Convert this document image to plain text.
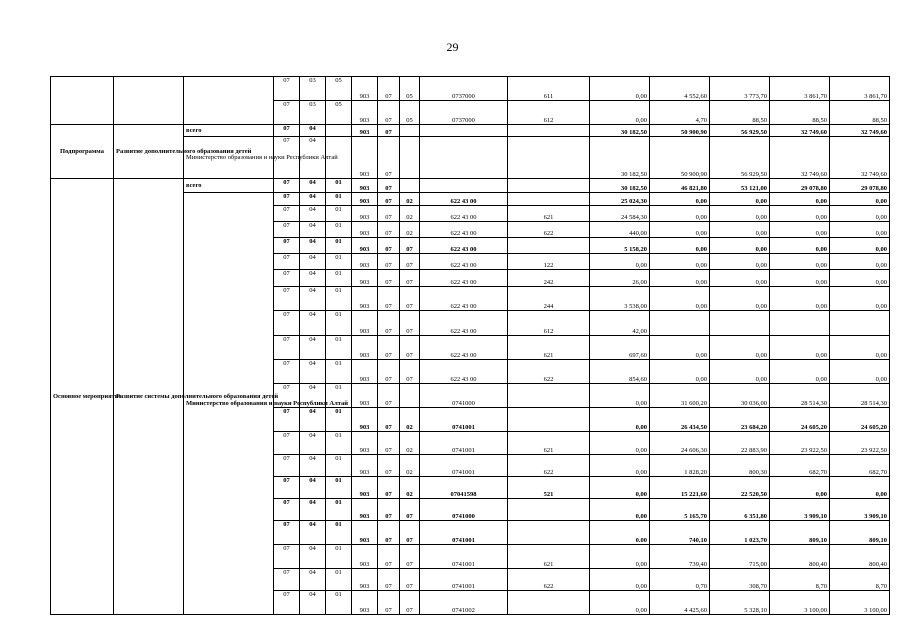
29
			07	03	05	903	07	05	0737000	611	0,00	4 552,60	3 773,70	3 861,70	3 861,70	
			07	03	05	903	07	05	0737000	612	0,00	4,70	88,50	88,50	88,50	
Подпрограмма	Развитие дополнительного образования детей	всего	07	04		903	07				30 182,50	50 900,90	56 929,50	32 749,60	32 749,60	
		Министерство образования и науки Республики Алтай	07	04		903	07				30 182,50	50 900,90	56 929,50	32 749,60	32 749,60	
Основное мероприятие	Развитие системы дополнительного образования детей	всего	07	04	01	903	07				30 182,50	46 821,80	53 121,00	29 078,80	29 078,80	
		Министерство образования и науки Республики Алтай	07	04	01	903	07	02	622 43 00		25 024,30	0,00	0,00	0,00	0,00	
			07	04	01	903	07	02	622 43 00	621	24 584,30	0,00	0,00	0,00	0,00	
			07	04	01	903	07	02	622 43 00	622	440,00	0,00	0,00	0,00	0,00	
			07	04	01	903	07	07	622 43 00		5 158,20	0,00	0,00	0,00	0,00	
			07	04	01	903	07	07	622 43 00	122	0,00	0,00	0,00	0,00	0,00	
			07	04	01	903	07	07	622 43 00	242	26,00	0,00	0,00	0,00	0,00	
			07	04	01	903	07	07	622 43 00	244	3 538,00	0,00	0,00	0,00	0,00	
			07	04	01	903	07	07	622 43 00	612	42,00					
			07	04	01	903	07	07	622 43 00	621	697,60	0,00	0,00	0,00	0,00	
			07	04	01	903	07	07	622 43 00	622	854,60	0,00	0,00	0,00	0,00	
			07	04	01	903	07		0741000		0,00	31 600,20	30 036,00	28 514,30	28 514,30	
			07	04	01	903	07	02	0741001		0,00	26 434,50	23 684,20	24 605,20	24 605,20	
			07	04	01	903	07	02	0741001	621	0,00	24 606,30	22 883,90	23 922,50	23 922,50	
			07	04	01	903	07	02	0741001	622	0,00	1 828,20	800,30	682,70	682,70	
			07	04	01	903	07	02	07041598	521	0,00	15 221,60	22 520,50	0,00	0,00	
			07	04	01	903	07	07	0741000		0,00	5 165,70	6 351,80	3 909,10	3 909,10	
			07	04	01	903	07	07	0741001		0.00	740,10	1 023,70	809,10	809,10	
			07	04	01	903	07	07	0741001	621	0,00	739,40	715,00	800,40	800,40	
			07	04	01	903	07	07	0741001	622	0,00	0,70	308,70	8,70	8,70	
			07	04	01	903	07	07	0741002		0,00	4 425,60	5 328,10	3 100,00	3 100,00	
